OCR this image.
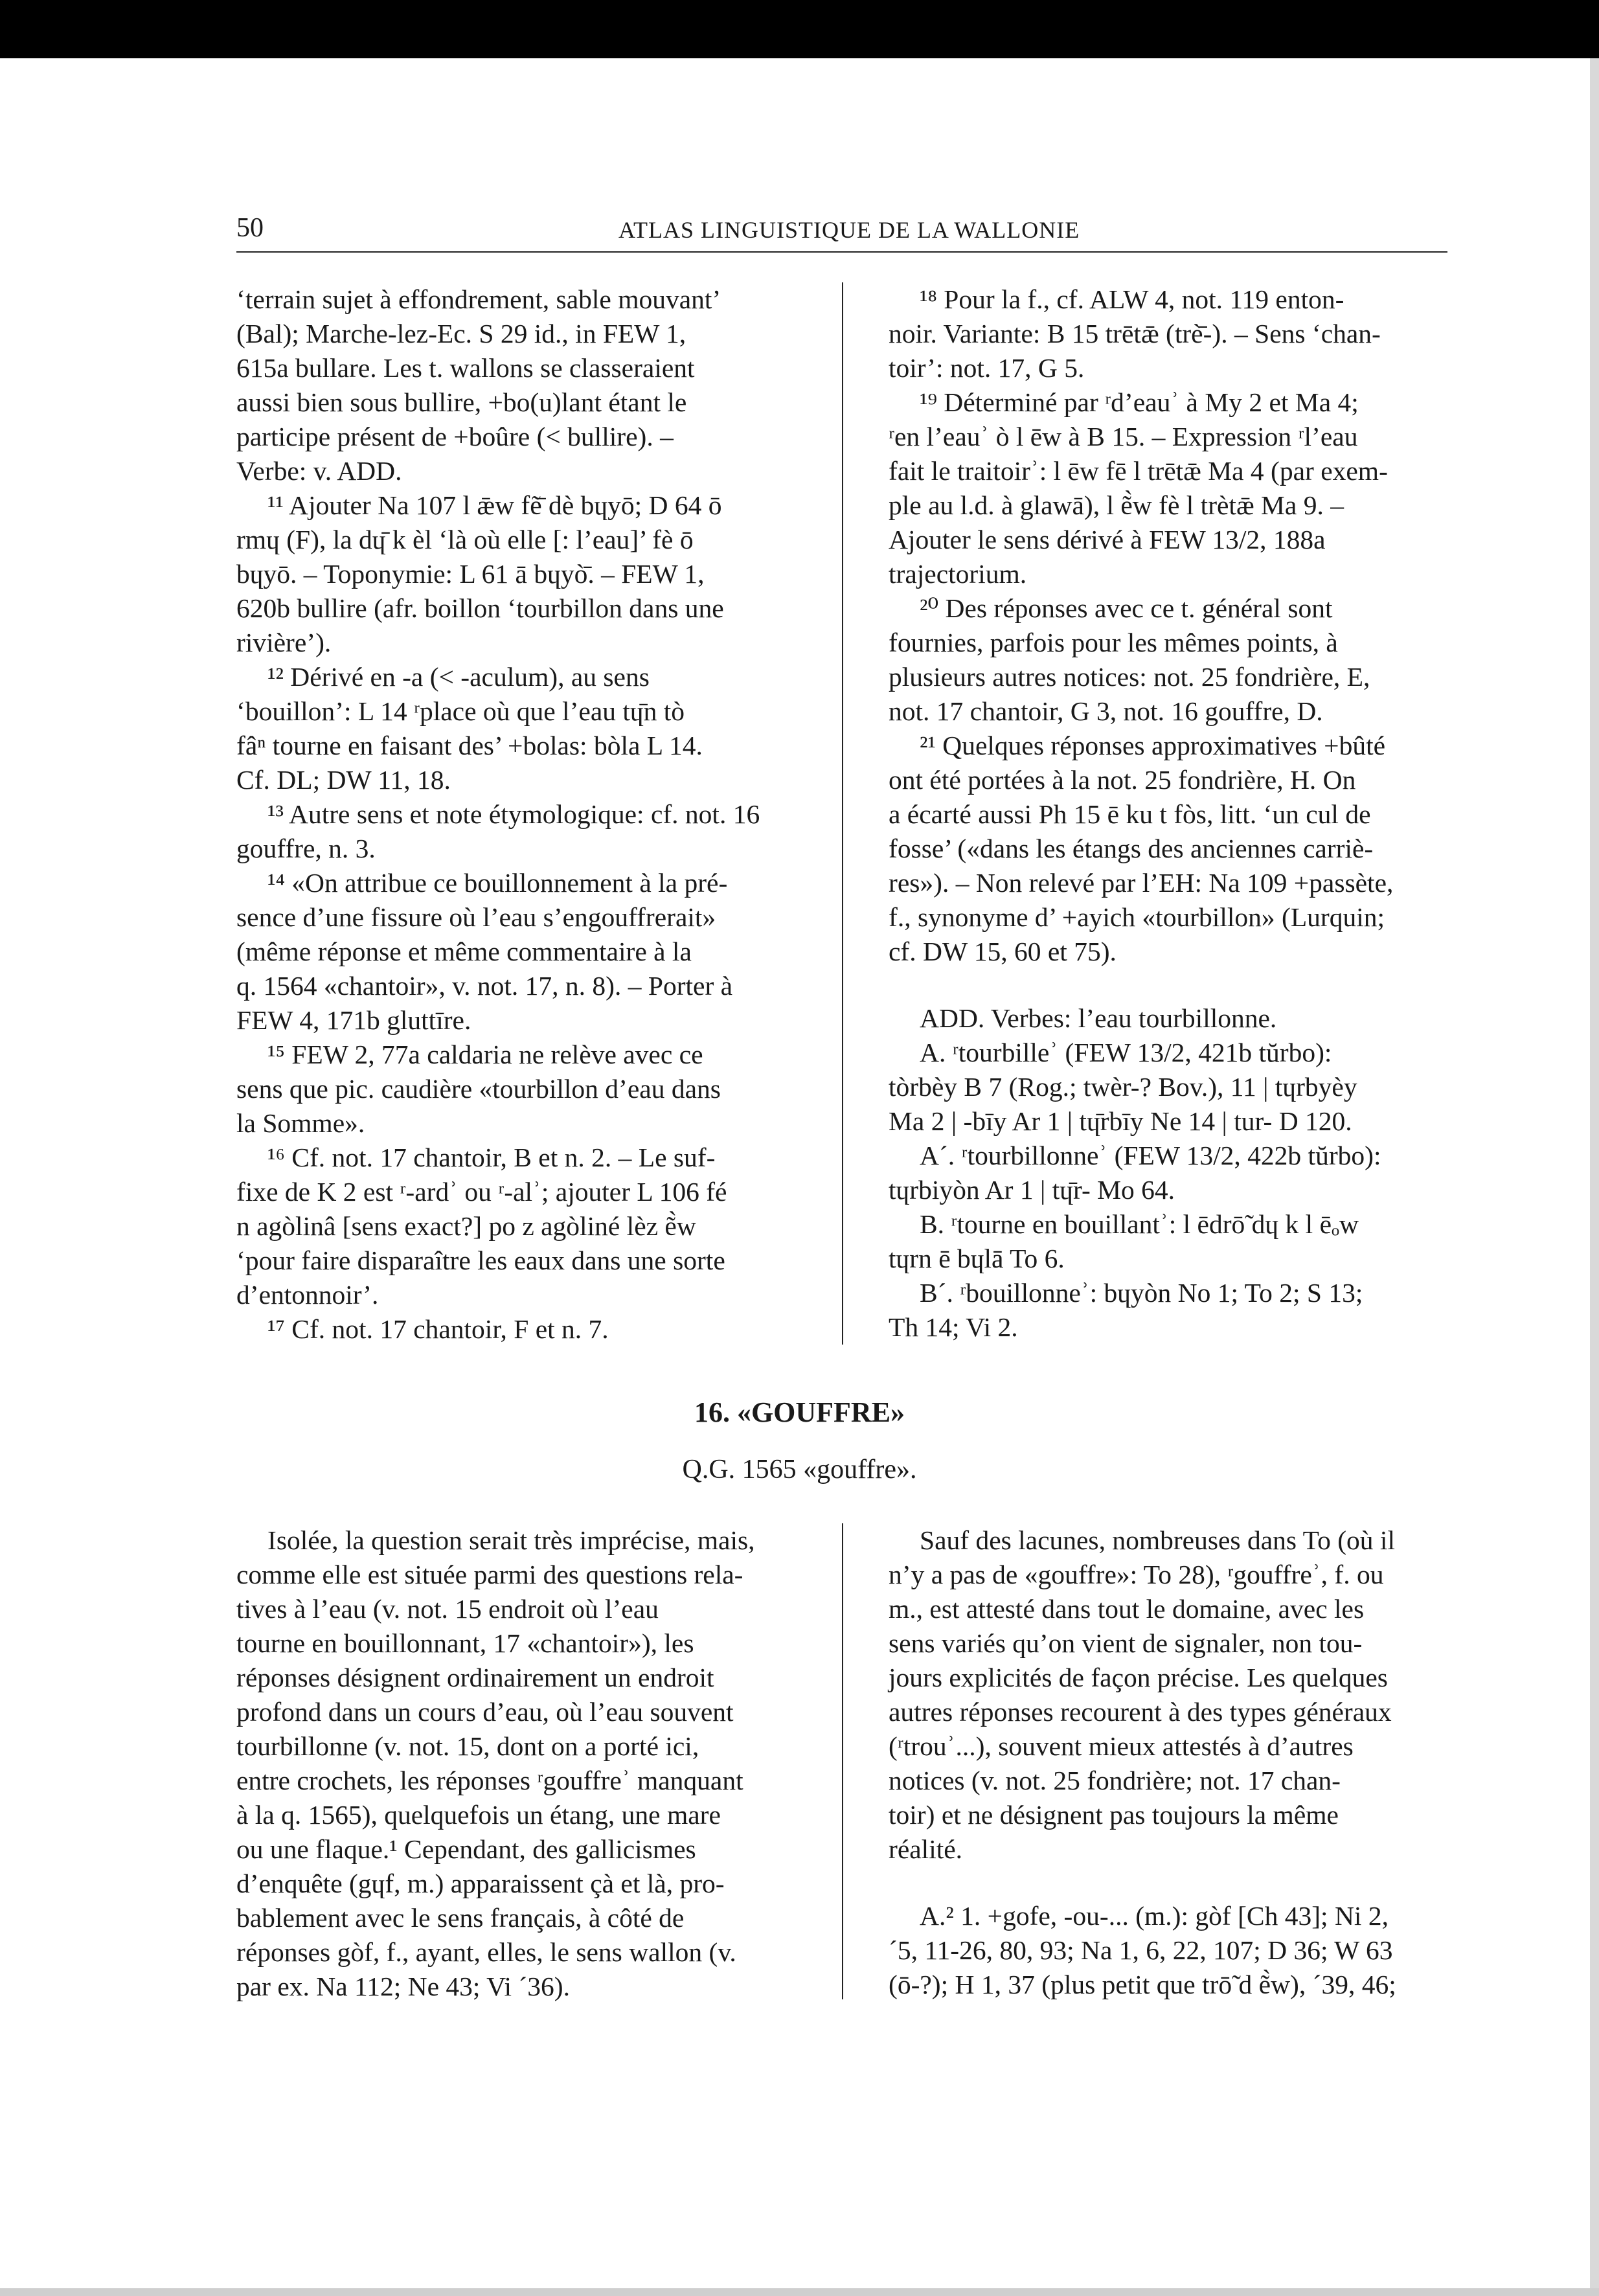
50	ATLAS LINGUISTIQUE DE LA WALLONIE

‘terrain sujet à effondrement, sable mouvant’

(Bal); Marche-lez-Ec. S 29 id., in FEW 1,

615a bullare. Les t. wallons se classeraient

aussi bien sous bullire, +bo(u)lant étant le

participe présent de +boûre (< bullire). –

Verbe: v. ADD.

¹¹ Ajouter Na 107 l ǣw fẽ̄ dè bɥyō; D 64 ō

rmɥ (F), la dɥ̄ k èl ‘là où elle [: l’eau]’ fè ō

bɥyō. – Toponymie: L 61 ā bɥyò̄. – FEW 1,

620b bullire (afr. boillon ‘tourbillon dans une

rivière’).

¹² Dérivé en -a (< -aculum), au sens

‘bouillon’: L 14 ʳplace où que l’eau tɥ̄n tò

fâⁿ tourne en faisant des’ +bolas: bòla L 14.

Cf. DL; DW 11, 18.

¹³ Autre sens et note étymologique: cf. not. 16

gouffre, n. 3.

¹⁴ «On attribue ce bouillonnement à la pré-

sence d’une fissure où l’eau s’engouffrerait»

(même réponse et même commentaire à la

q. 1564 «chantoir», v. not. 17, n. 8). – Porter à

FEW 4, 171b gluttīre.

¹⁵ FEW 2, 77a caldaria ne relève avec ce

sens que pic. caudière «tourbillon d’eau dans

la Somme».

¹⁶ Cf. not. 17 chantoir, B et n. 2. – Le suf-

fixe de K 2 est ʳ-ardʾ ou ʳ-alʾ; ajouter L 106 fé

n agòlinâ [sens exact?] po z agòliné lèz ẽ̀w

‘pour faire disparaître les eaux dans une sorte

d’entonnoir’.

¹⁷ Cf. not. 17 chantoir, F et n. 7.

¹⁸ Pour la f., cf. ALW 4, not. 119 enton-

noir. Variante: B 15 trētǣ (trè̄-). – Sens ‘chan-

toir’: not. 17, G 5.

¹⁹ Déterminé par ʳd’eauʾ à My 2 et Ma 4;

ʳen l’eauʾ ò l ēw à B 15. – Expression ʳl’eau

fait le traitoirʾ: l ēw fē l trētǣ Ma 4 (par exem-

ple au l.d. à glawā), l ẽ̀w fè l trètǣ Ma 9. –

Ajouter le sens dérivé à FEW 13/2, 188a

trajectorium.

²⁰ Des réponses avec ce t. général sont

fournies, parfois pour les mêmes points, à

plusieurs autres notices: not. 25 fondrière, E,

not. 17 chantoir, G 3, not. 16 gouffre, D.

²¹ Quelques réponses approximatives +bûté

ont été portées à la not. 25 fondrière, H. On

a écarté aussi Ph 15 ē ku t fòs, litt. ‘un cul de

fosse’ («dans les étangs des anciennes carriè-

res»). – Non relevé par l’EH: Na 109 +passète,

f., synonyme d’ +ayich «tourbillon» (Lurquin;

cf. DW 15, 60 et 75).

ADD. Verbes: l’eau tourbillonne.

A. ʳtourbilleʾ (FEW 13/2, 421b tŭrbo):

tòrbèy B 7 (Rog.; twèr-? Bov.), 11 | tɥrbyèy

Ma 2 | -bīy Ar 1 | tɥ̄rbīy Ne 14 | tur- D 120.

A´. ʳtourbillonneʾ (FEW 13/2, 422b tŭrbo):

tɥrbiyòn Ar 1 | tɥ̄r- Mo 64.

B. ʳtourne en bouillantʾ: l ēdrō̃ dɥ k l ēₒw

tɥrn ē bɥlā To 6.

B´. ʳbouillonneʾ: bɥyòn No 1; To 2; S 13;

Th 14; Vi 2.

16. «GOUFFRE»
Q.G. 1565 «gouffre».

Isolée, la question serait très imprécise, mais,

comme elle est située parmi des questions rela-

tives à l’eau (v. not. 15 endroit où l’eau

tourne en bouillonnant, 17 «chantoir»), les

réponses désignent ordinairement un endroit

profond dans un cours d’eau, où l’eau souvent

tourbillonne (v. not. 15, dont on a porté ici,

entre crochets, les réponses ʳgouffreʾ manquant

à la q. 1565), quelquefois un étang, une mare

ou une flaque.¹ Cependant, des gallicismes

d’enquête (gɥf, m.) apparaissent çà et là, pro-

bablement avec le sens français, à côté de

réponses gòf, f., ayant, elles, le sens wallon (v.

par ex. Na 112; Ne 43; Vi ´36).

Sauf des lacunes, nombreuses dans To (où il

n’y a pas de «gouffre»: To 28), ʳgouffreʾ, f. ou

m., est attesté dans tout le domaine, avec les

sens variés qu’on vient de signaler, non tou-

jours explicités de façon précise. Les quelques

autres réponses recourent à des types généraux

(ʳtrouʾ...), souvent mieux attestés à d’autres

notices (v. not. 25 fondrière; not. 17 chan-

toir) et ne désignent pas toujours la même

réalité.

A.² 1. +gofe, -ou-... (m.): gòf [Ch 43]; Ni 2,

´5, 11-26, 80, 93; Na 1, 6, 22, 107; D 36; W 63

(ō-?); H 1, 37 (plus petit que trō̃ d ẽ̀w), ´39, 46;
